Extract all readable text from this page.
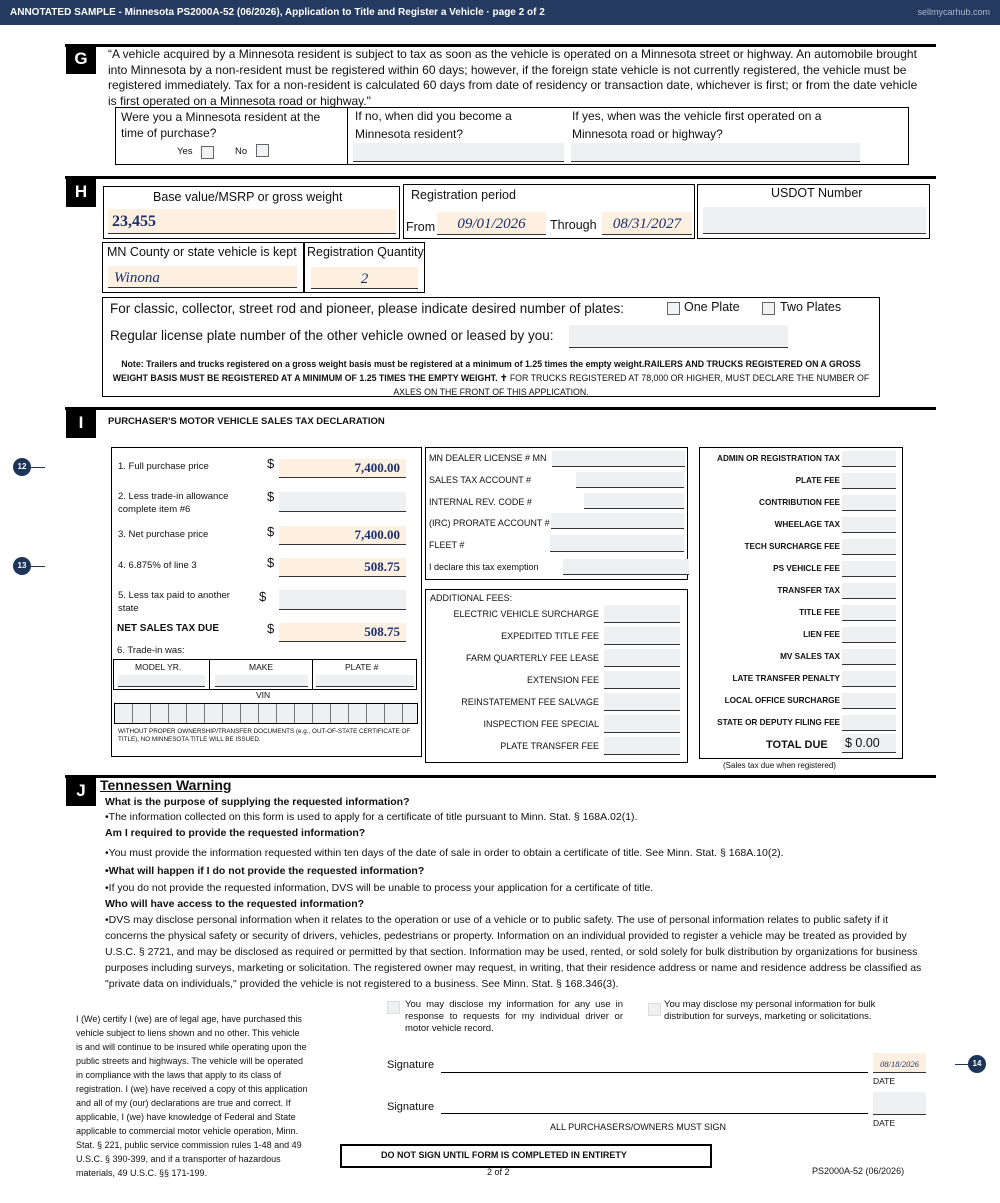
ANNOTATED SAMPLE - Minnesota PS2000A-52 (06/2026), Application to Title and Register a Vehicle · page 2 of 2	sellmycarhub.com
G	“A vehicle acquired by a Minnesota resident is subject to tax as soon as the vehicle is operated on a Minnesota street or highway. An automobile brought into Minnesota by a non-resident must be registered within 60 days; however, if the foreign state vehicle is not currently registered, the vehicle must be registered immediately. Tax for a non-resident is calculated 60 days from date of residency or transaction date, whichever is first; or from the date vehicle is first operated on a Minnesota road or highway."
Were you a Minnesota resident at the time of purchase?
Yes	No
If no, when did you become a Minnesota resident?
If yes, when was the vehicle first operated on a Minnesota road or highway?
H	Base value/MSRP or gross weight
23,455
Registration period
From	09/01/2026	Through	08/31/2027
USDOT Number
MN County or state vehicle is kept
Winona
Registration Quantity
2
For classic, collector, street rod and pioneer, please indicate desired number of plates:	One Plate	Two Plates
Regular license plate number of the other vehicle owned or leased by you:
Note: Trailers and trucks registered on a gross weight basis must be registered at a minimum of 1.25 times the empty weight.RAILERS AND TRUCKS REGISTERED ON A GROSS WEIGHT BASIS MUST BE REGISTERED AT A MINIMUM OF 1.25 TIMES THE EMPTY WEIGHT. ✝ FOR TRUCKS REGISTERED AT 78,000 OR HIGHER, MUST DECLARE THE NUMBER OF AXLES ON THE FRONT OF THIS APPLICATION.
I	PURCHASER'S MOTOR VEHICLE SALES TAX DECLARATION
1. Full purchase price	$	7,400.00
2. Less trade-in allowance
complete item #6
$
3. Net purchase price	$	7,400.00
4. 6.875% of line 3	$	508.75
5. Less tax paid to another
state
$
NET SALES TAX DUE	$	508.75
6. Trade-in was:
MODEL YR.	MAKE	PLATE #
VIN
WITHOUT PROPER OWNERSHIP/TRANSFER DOCUMENTS (e.g., OUT-OF-STATE CERTIFICATE OF TITLE), NO MINNESOTA TITLE WILL BE ISSUED.
MN DEALER LICENSE # MN
SALES TAX ACCOUNT #
INTERNAL REV. CODE #
(IRC) PRORATE ACCOUNT #
FLEET #
I declare this tax exemption
ADDITIONAL FEES:
ELECTRIC VEHICLE SURCHARGE
EXPEDITED TITLE FEE
FARM QUARTERLY FEE LEASE
EXTENSION FEE
REINSTATEMENT FEE SALVAGE
INSPECTION FEE SPECIAL
PLATE TRANSFER FEE
ADMIN OR REGISTRATION TAX
PLATE FEE
CONTRIBUTION FEE
WHEELAGE TAX
TECH SURCHARGE FEE
PS VEHICLE FEE
TRANSFER TAX
TITLE FEE
LIEN FEE
MV SALES TAX
LATE TRANSFER PENALTY
LOCAL OFFICE SURCHARGE
STATE OR DEPUTY FILING FEE
TOTAL DUE $ 0.00
(Sales tax due when registered)
J	Tennessen Warning
What is the purpose of supplying the requested information?
•The information collected on this form is used to apply for a certificate of title pursuant to Minn. Stat. § 168A.02(1).
Am I required to provide the requested information?
•You must provide the information requested within ten days of the date of sale in order to obtain a certificate of title. See Minn. Stat. § 168A.10(2).
•What will happen if I do not provide the requested information?
•If you do not provide the requested information, DVS will be unable to process your application for a certificate of title.
Who will have access to the requested information?
•DVS may disclose personal information when it relates to the operation or use of a vehicle or to public safety. The use of personal information relates to public safety if it concerns the physical safety or security of drivers, vehicles, pedestrians or property. Information on an individual provided to register a vehicle may be treated as provided by U.S.C. § 2721, and may be disclosed as required or permitted by that section. Information may be used, rented, or sold solely for bulk distribution by organizations for business purposes including surveys, marketing or solicitation. The registered owner may request, in writing, that their residence address or name and residence address be classified as "private data on individuals," provided the vehicle is not registered to a business. See Minn. Stat. § 168.346(3).
I (We) certify I (we) are of legal age, have purchased this vehicle subject to liens shown and no other. This vehicle is and will continue to be insured while operating upon the public streets and highways. The vehicle will be operated in compliance with the laws that apply to its class of registration. I (we) have received a copy of this application and all of my (our) declarations are true and correct. If applicable, I (we) have knowledge of Federal and State applicable to commercial motor vehicle operation, Minn. Stat. § 221, public service commission rules 1-48 and 49 U.S.C. § 390-399, and if a transporter of hazardous materials, 49 U.S.C. §§ 171-199.
You may disclose my information for any use in response to requests for my individual driver or motor vehicle record.
You may disclose my personal information for bulk distribution for surveys, marketing or solicitations.
Signature	08/18/2026
DATE
Signature
DATE
ALL PURCHASERS/OWNERS MUST SIGN
DO NOT SIGN UNTIL FORM IS COMPLETED IN ENTIRETY
2 of 2	PS2000A-52 (06/2026)
12
13
14
